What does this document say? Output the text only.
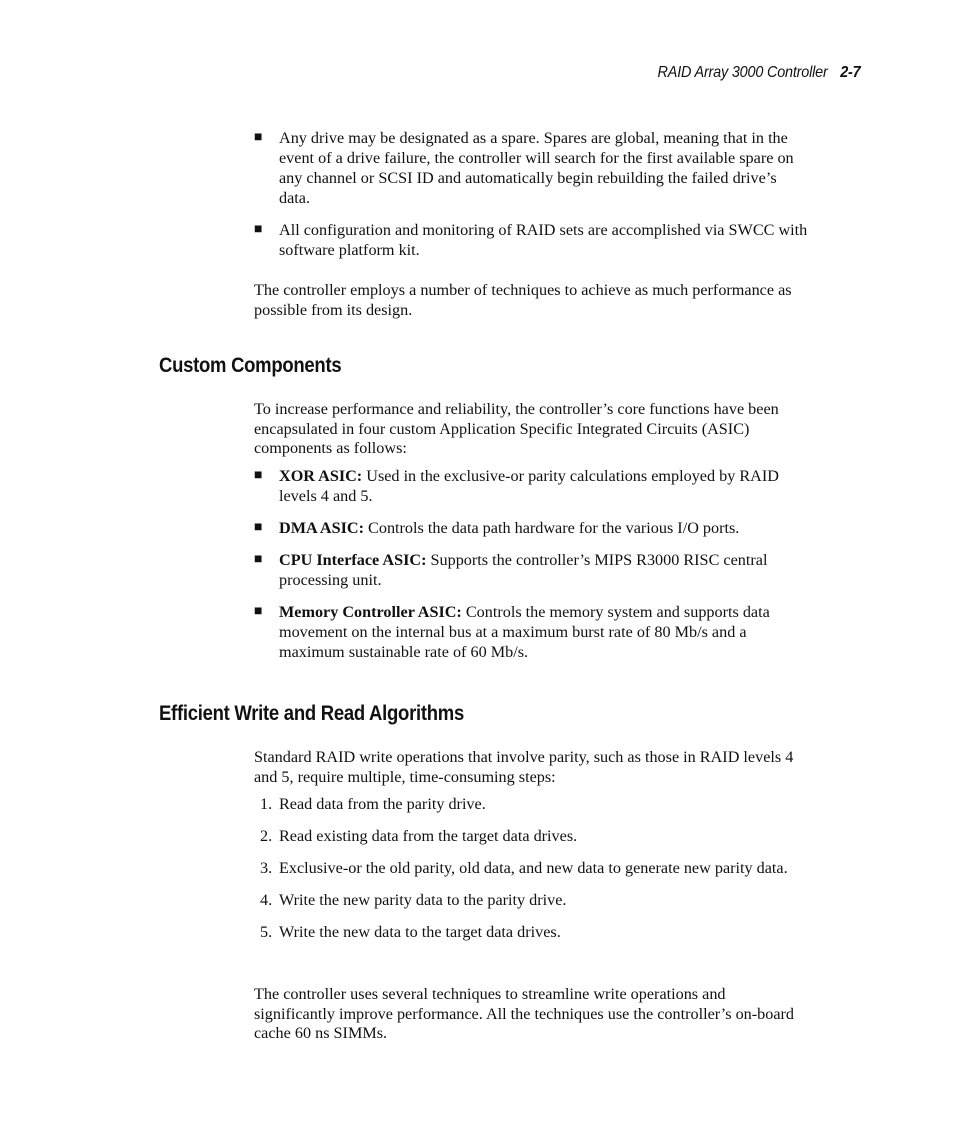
RAID Array 3000 Controller 2-7
■ Any drive may be designated as a spare. Spares are global, meaning that in the event of a drive failure, the controller will search for the first available spare on any channel or SCSI ID and automatically begin rebuilding the failed drive’s data.
■ All configuration and monitoring of RAID sets are accomplished via SWCC with software platform kit.

The controller employs a number of techniques to achieve as much performance as possible from its design.

Custom Components

To increase performance and reliability, the controller’s core functions have been encapsulated in four custom Application Specific Integrated Circuits (ASIC) components as follows:

■ XOR ASIC: Used in the exclusive-or parity calculations employed by RAID levels 4 and 5.
■ DMA ASIC: Controls the data path hardware for the various I/O ports.
■ CPU Interface ASIC: Supports the controller’s MIPS R3000 RISC central processing unit.
■ Memory Controller ASIC: Controls the memory system and supports data movement on the internal bus at a maximum burst rate of 80 Mb/s and a maximum sustainable rate of 60 Mb/s.
Efficient Write and Read Algorithms

Standard RAID write operations that involve parity, such as those in RAID levels 4 and 5, require multiple, time-consuming steps:

1. Read data from the parity drive.
2. Read existing data from the target data drives.
3. Exclusive-or the old parity, old data, and new data to generate new parity data.
4. Write the new parity data to the parity drive.
5. Write the new data to the target data drives.

The controller uses several techniques to streamline write operations and significantly improve performance. All the techniques use the controller’s on-board cache 60 ns SIMMs.
